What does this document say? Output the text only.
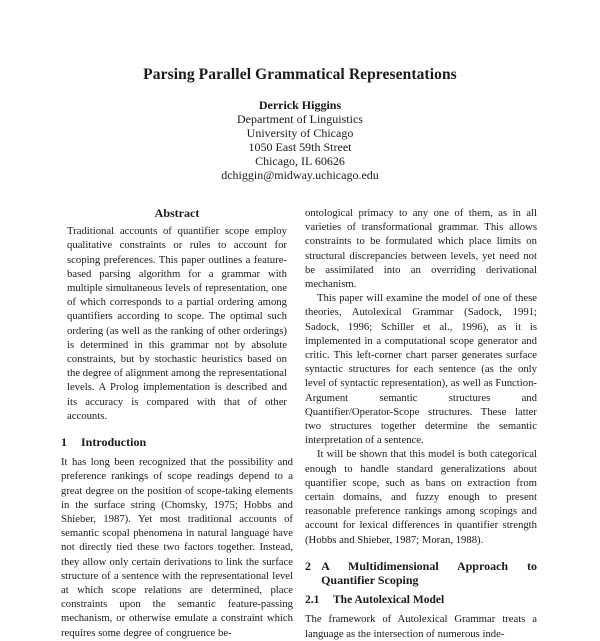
Parsing Parallel Grammatical Representations
Derrick Higgins
Department of Linguistics
University of Chicago
1050 East 59th Street
Chicago, IL 60626
dchiggin@midway.uchicago.edu

Abstract

Traditional accounts of quantifier scope employ qualitative constraints or rules to account for scoping preferences. This paper outlines a feature-based parsing algorithm for a grammar with multiple simultaneous levels of representation, one of which corresponds to a partial ordering among quantifiers according to scope. The optimal such ordering (as well as the ranking of other orderings) is determined in this grammar not by absolute constraints, but by stochastic heuristics based on the degree of alignment among the representational levels. A Prolog implementation is described and its accuracy is compared with that of other accounts.

1 Introduction

It has long been recognized that the possibility and preference rankings of scope readings depend to a great degree on the position of scope-taking elements in the surface string (Chomsky, 1975; Hobbs and Shieber, 1987). Yet most traditional accounts of semantic scopal phenomena in natural language have not directly tied these two factors together. Instead, they allow only certain derivations to link the surface structure of a sentence with the representational level at which scope relations are determined, place constraints upon the semantic feature-passing mechanism, or otherwise emulate a constraint which requires some degree of congruence be-

ontological primacy to any one of them, as in all varieties of transformational grammar. This allows constraints to be formulated which place limits on structural discrepancies between levels, yet need not be assimilated into an overriding derivational mechanism.

This paper will examine the model of one of these theories, Autolexical Grammar (Sadock, 1991; Sadock, 1996; Schiller et al., 1996), as it is implemented in a computational scope generator and critic. This left-corner chart parser generates surface syntactic structures for each sentence (as the only level of syntactic representation), as well as Function-Argument semantic structures and Quantifier/Operator-Scope structures. These latter two structures together determine the semantic interpretation of a sentence.

It will be shown that this model is both categorical enough to handle standard generalizations about quantifier scope, such as bans on extraction from certain domains, and fuzzy enough to present reasonable preference rankings among scopings and account for lexical differences in quantifier strength (Hobbs and Shieber, 1987; Moran, 1988).

2 A Multidimensional Approach to Quantifier Scoping

2.1 The Autolexical Model

The framework of Autolexical Grammar treats a language as the intersection of numerous inde-
